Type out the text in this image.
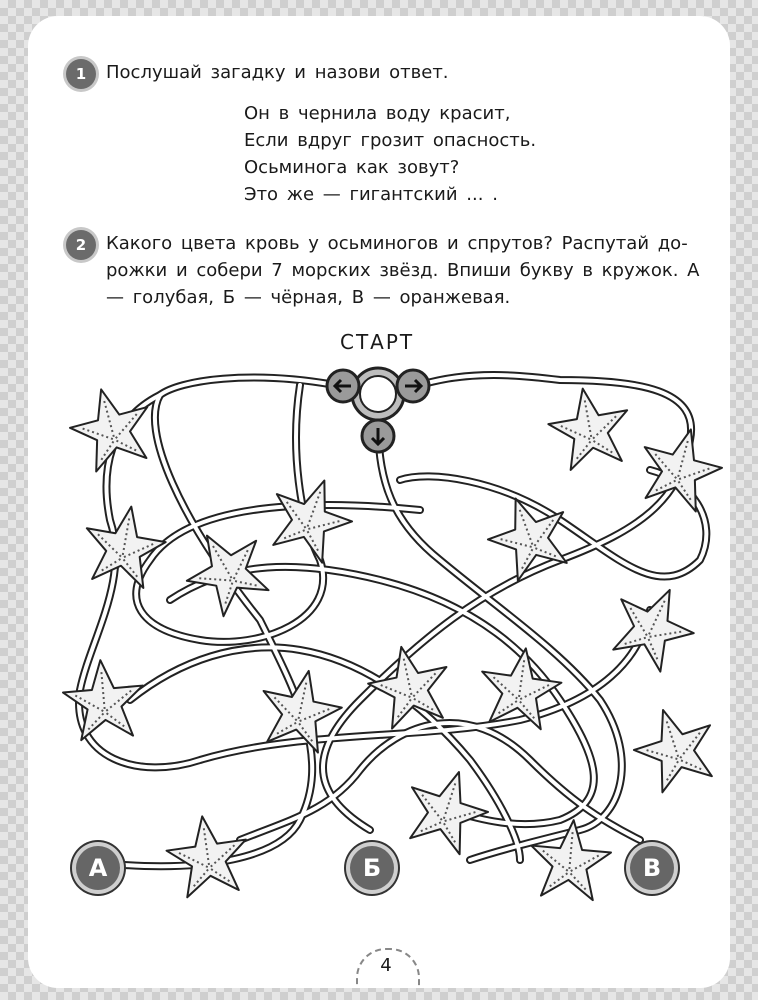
1	Послушай загадку и назови ответ.
Он в чернила воду красит,
Если вдруг грозит опасность.
Осьминога как зовут?
Это же — гигантский ... .
2	Какого цвета кровь у осьминогов и спрутов? Распутай до-рожки и собери 7 морских звёзд. Впиши букву в кружок. А — голубая, Б — чёрная, В — оранжевая.
СТАРТ
А	Б	В
4
